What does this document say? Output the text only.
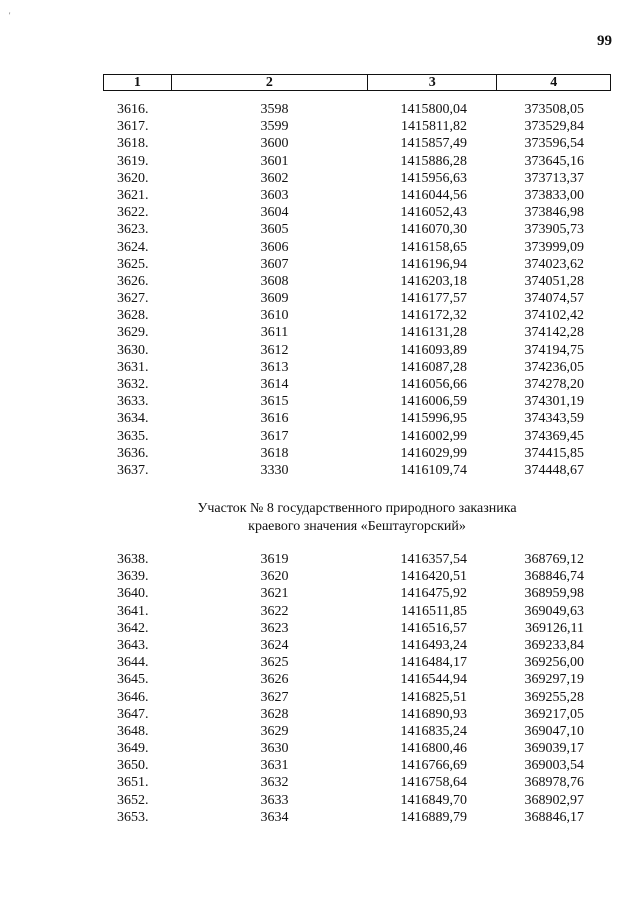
'
99
1	2	3	4
3616.	3598	1415800,04	373508,05
3617.	3599	1415811,82	373529,84
3618.	3600	1415857,49	373596,54
3619.	3601	1415886,28	373645,16
3620.	3602	1415956,63	373713,37
3621.	3603	1416044,56	373833,00
3622.	3604	1416052,43	373846,98
3623.	3605	1416070,30	373905,73
3624.	3606	1416158,65	373999,09
3625.	3607	1416196,94	374023,62
3626.	3608	1416203,18	374051,28
3627.	3609	1416177,57	374074,57
3628.	3610	1416172,32	374102,42
3629.	3611	1416131,28	374142,28
3630.	3612	1416093,89	374194,75
3631.	3613	1416087,28	374236,05
3632.	3614	1416056,66	374278,20
3633.	3615	1416006,59	374301,19
3634.	3616	1415996,95	374343,59
3635.	3617	1416002,99	374369,45
3636.	3618	1416029,99	374415,85
3637.	3330	1416109,74	374448,67
Участок № 8 государственного природного заказника
краевого значения «Бештаугорский»
3638.	3619	1416357,54	368769,12
3639.	3620	1416420,51	368846,74
3640.	3621	1416475,92	368959,98
3641.	3622	1416511,85	369049,63
3642.	3623	1416516,57	369126,11
3643.	3624	1416493,24	369233,84
3644.	3625	1416484,17	369256,00
3645.	3626	1416544,94	369297,19
3646.	3627	1416825,51	369255,28
3647.	3628	1416890,93	369217,05
3648.	3629	1416835,24	369047,10
3649.	3630	1416800,46	369039,17
3650.	3631	1416766,69	369003,54
3651.	3632	1416758,64	368978,76
3652.	3633	1416849,70	368902,97
3653.	3634	1416889,79	368846,17
